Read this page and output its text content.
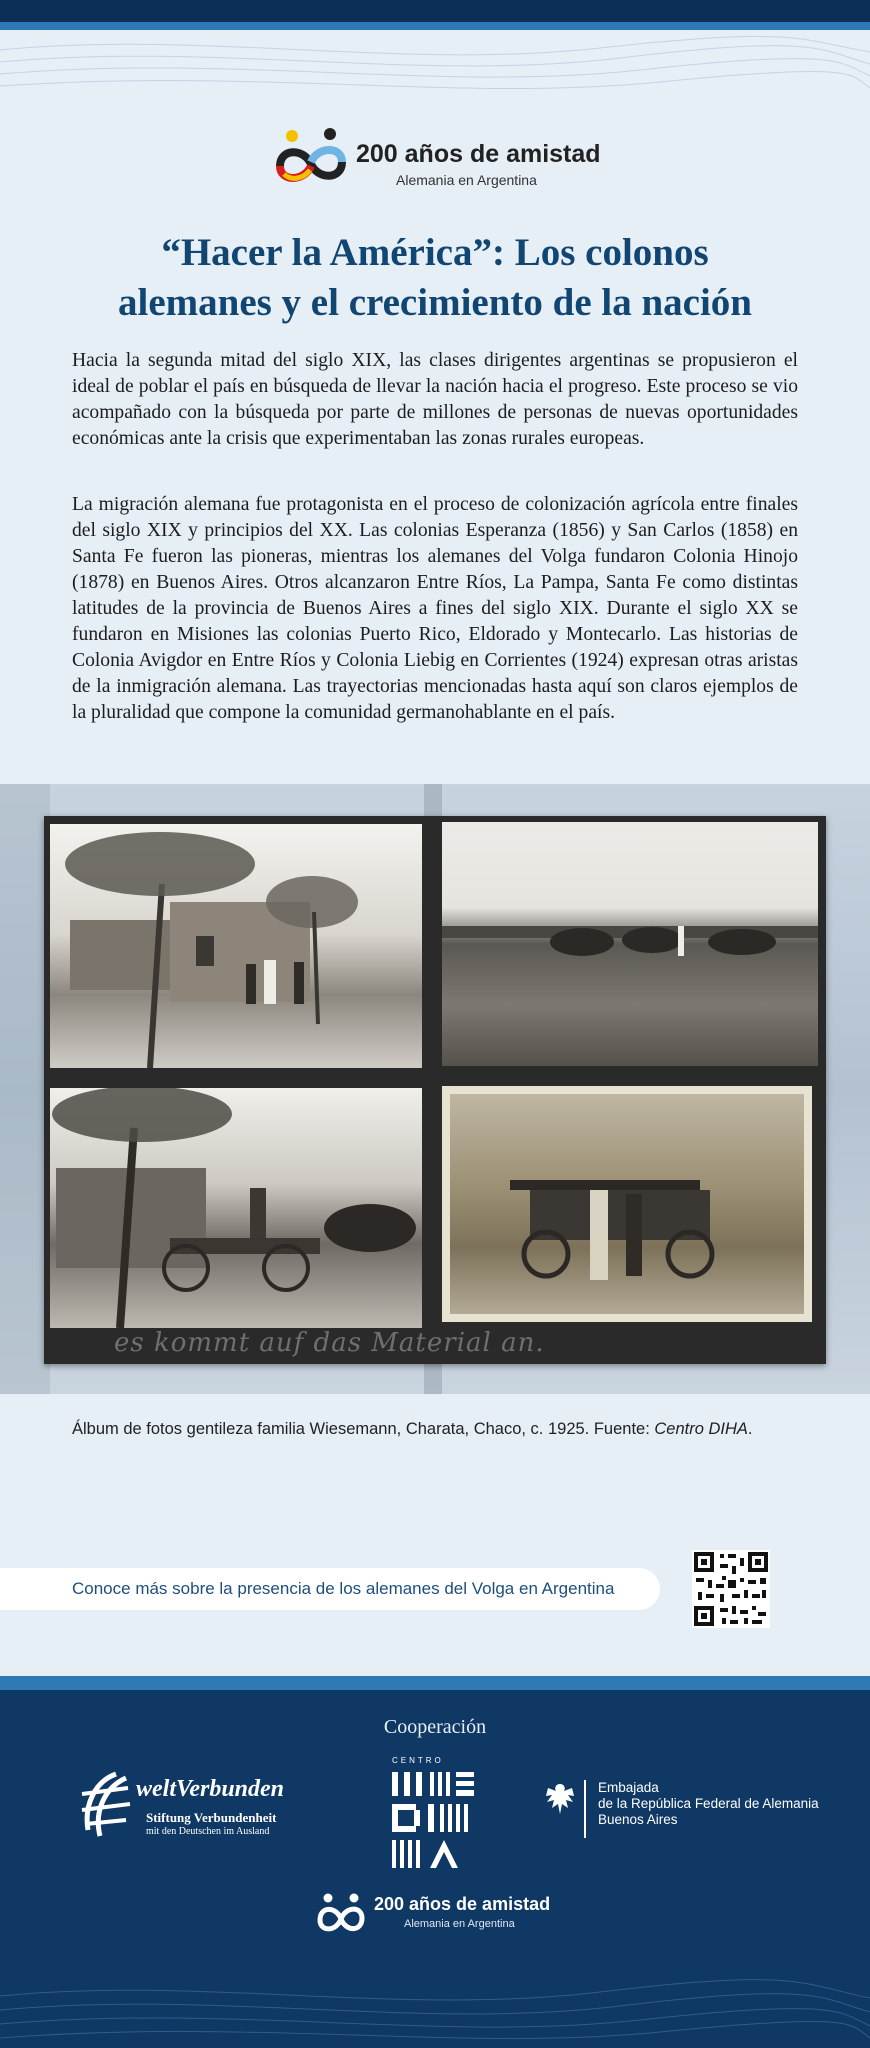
200 años de amistad
Alemania en Argentina
“Hacer la América”: Los colonos
alemanes y el crecimiento de la nación

Hacia la segunda mitad del siglo XIX, las clases dirigentes argentinas se propusieron el ideal de poblar el país en búsqueda de llevar la nación hacia el progreso. Este proceso se vio acompañado con la búsqueda por parte de millones de personas de nuevas oportunidades económicas ante la crisis que experimentaban las zonas rurales europeas.

La migración alemana fue protagonista en el proceso de colonización agrícola entre finales del siglo XIX y principios del XX. Las colonias Esperanza (1856) y San Carlos (1858) en Santa Fe fueron las pioneras, mientras los alemanes del Volga fundaron Colonia Hinojo (1878) en Buenos Aires. Otros alcanzaron Entre Ríos, La Pampa, Santa Fe como distintas latitudes de la provincia de Buenos Aires a fines del siglo XIX. Durante el siglo XX se fundaron en Misiones las colonias Puerto Rico, Eldorado y Montecarlo. Las historias de Colonia Avigdor en Entre Ríos y Colonia Liebig en Corrientes (1924) expresan otras aristas de la inmigración alemana. Las trayectorias mencionadas hasta aquí son claros ejemplos de la pluralidad que compone la comunidad germanohablante en el país.

es kommt auf das Material an.

Álbum de fotos gentileza familia Wiesemann, Charata, Chaco, c. 1925. Fuente: Centro DIHA.

Conoce más sobre la presencia de los alemanes del Volga en Argentina

Cooperación

weltVerbunden
Stiftung Verbundenheit
mit den Deutschen im Ausland
CENTRO
Embajada
de la República Federal de Alemania
Buenos Aires
200 años de amistad
Alemania en Argentina
